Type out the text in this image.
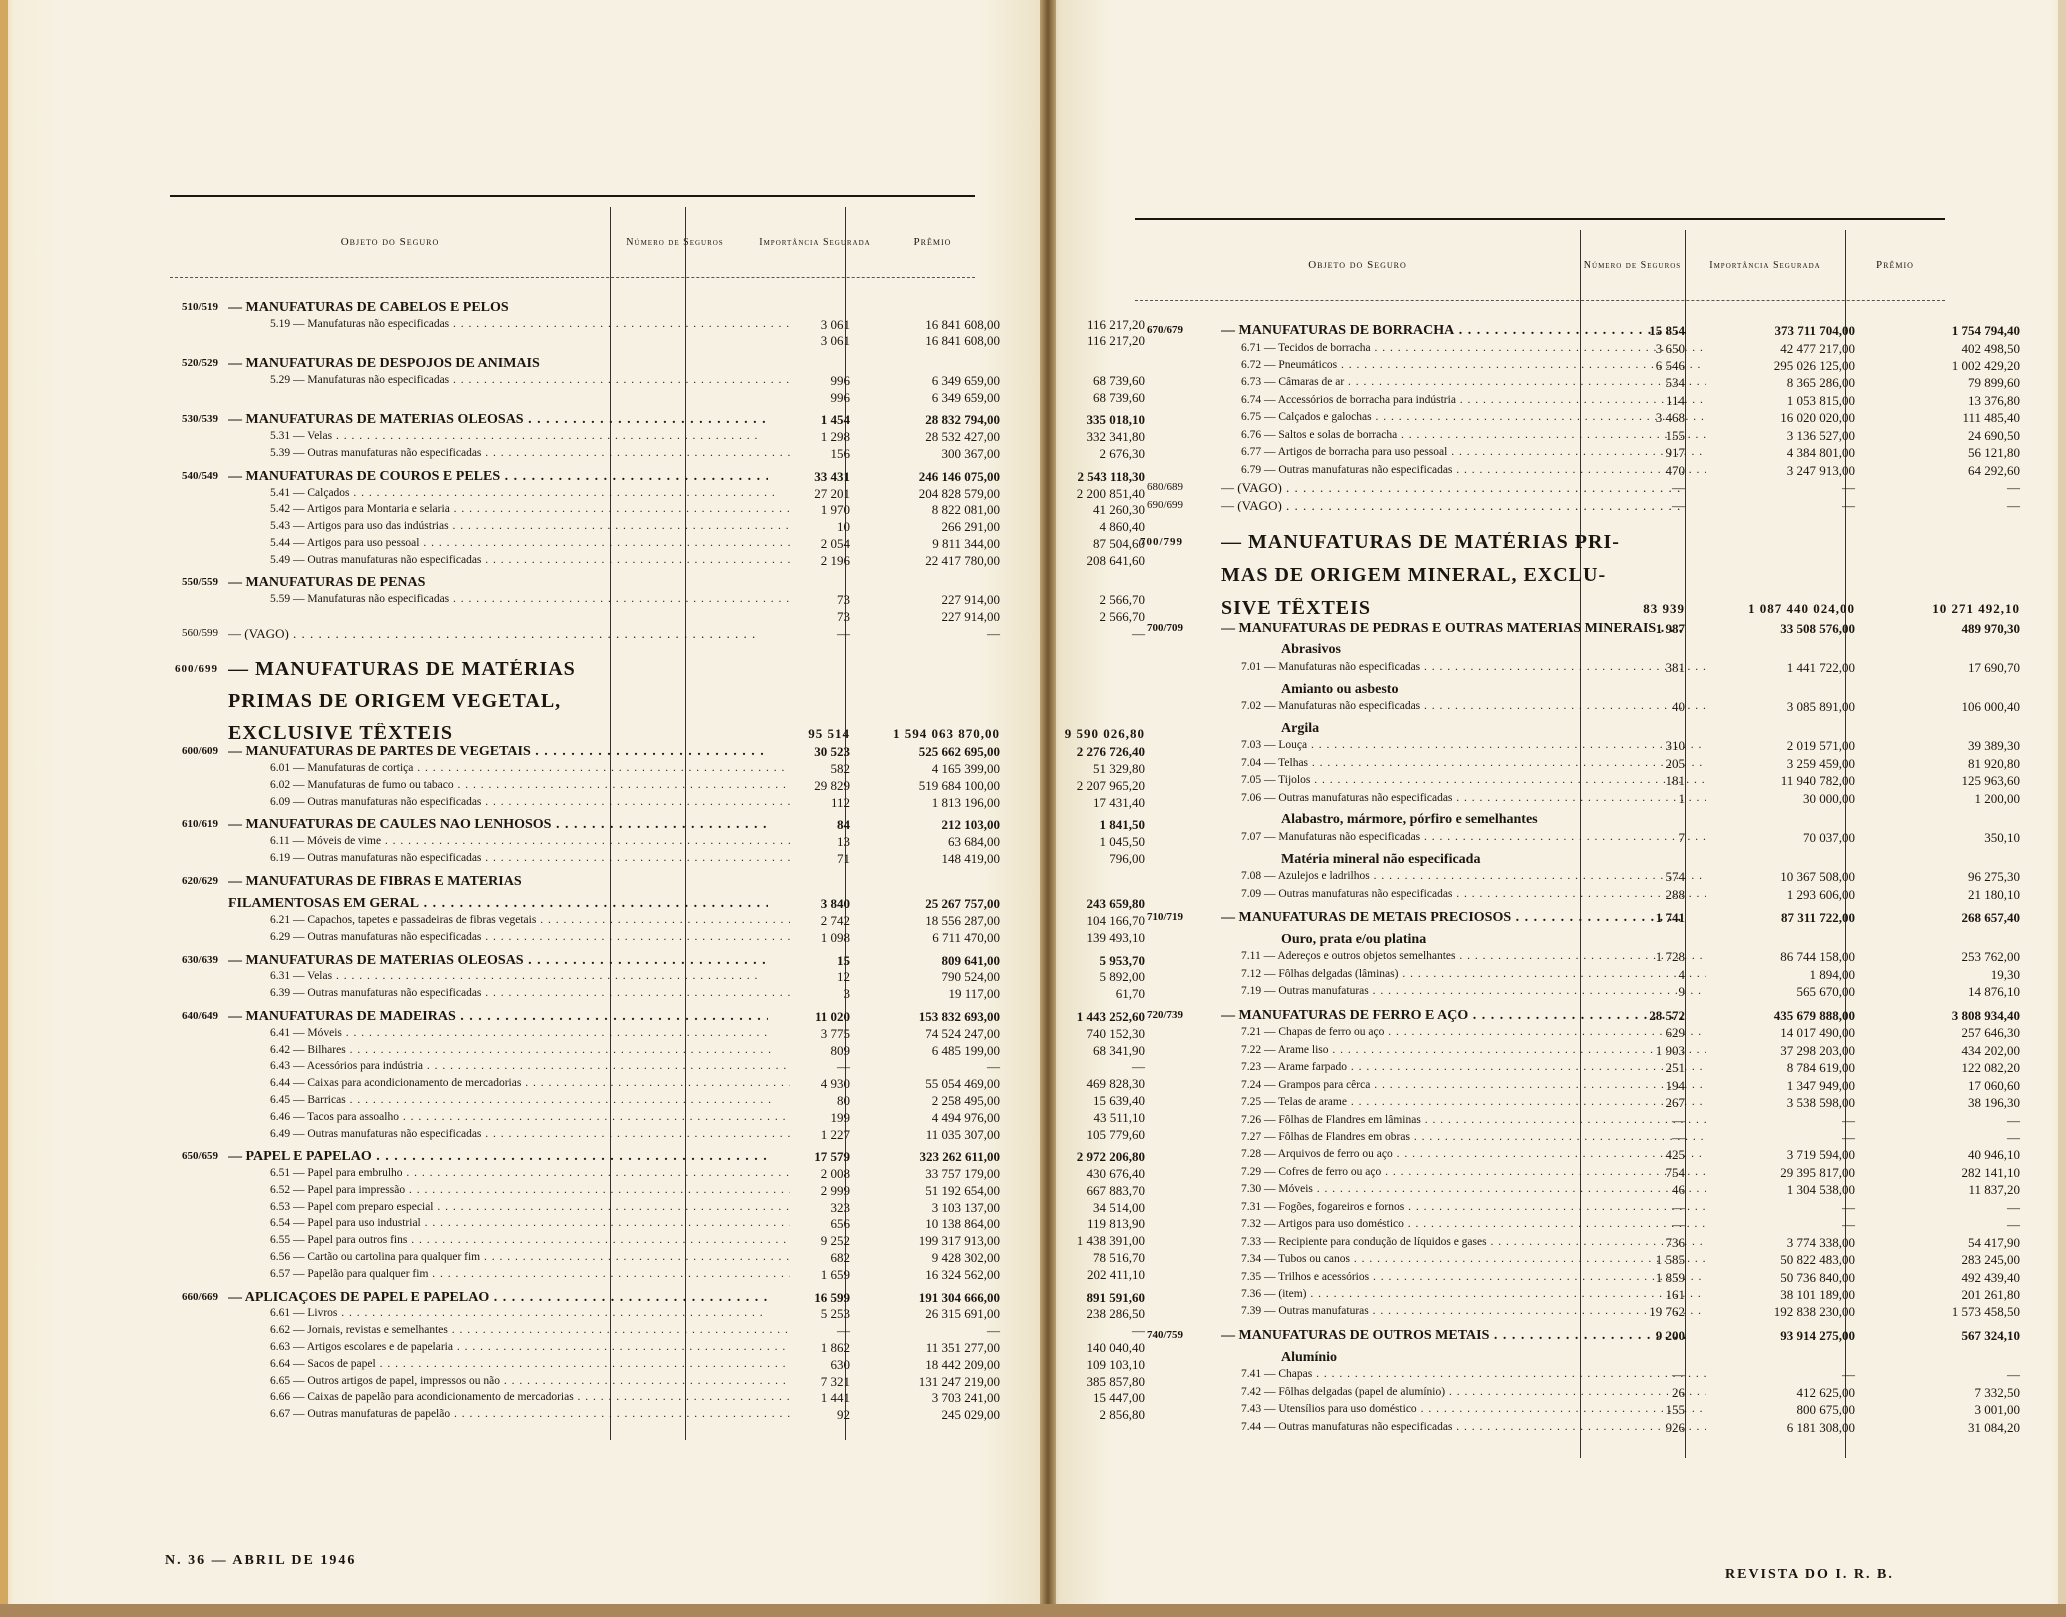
Objeto do Seguro	Número de Seguros	Importância Segurada	Prêmio
510/519 — MANUFATURAS DE CABELOS E PELOS
5.19 — Manufaturas não especificadas . . .	3 061	16 841 608,00	116 217,20
3 061	16 841 608,00	116 217,20
520/529 — MANUFATURAS DE DESPOJOS DE ANIMAIS
5.29 — Manufaturas não especificadas . . .	996	6 349 659,00	68 739,60
996	6 349 659,00	68 739,60
530/539 — MANUFATURAS DE MATÉRIAS OLEOSAS . . .	1 454	28 832 794,00	335 018,10
5.31 — Velas . . .	1 298	28 532 427,00	332 341,80
5.39 — Outras manufaturas não especificadas . . .	156	300 367,00	2 676,30
540/549 — MANUFATURAS DE COUROS E PELES . . .	33 431	246 146 075,00	2 543 118,30
5.41 — Calçados . . .	27 201	204 828 579,00	2 200 851,40
5.42 — Artigos para Montaria e selaria . . .	1 970	8 822 081,00	41 260,30
5.43 — Artigos para uso das indústrias . . .	10	266 291,00	4 860,40
5.44 — Artigos para uso pessoal . . .	2 054	9 811 344,00	87 504,60
5.49 — Outras manufaturas não especificadas . . .	2 196	22 417 780,00	208 641,60
550/559 — MANUFATURAS DE PENAS
5.59 — Manufaturas não especificadas . . .	73	227 914,00	2 566,70
73	227 914,00	2 566,70
560/599 — (VAGO) . . .	—	—	—
600/699 — MANUFATURAS DE MATÉRIAS
PRIMAS DE ORIGEM VEGETAL,
EXCLUSIVE TÊXTEIS	95 514	1 594 063 870,00	9 590 026,80
600/609 — MANUFATURAS DE PARTES DE VEGETAIS . . .	30 523	525 662 695,00	2 276 726,40
6.01 — Manufaturas de cortiça . . .	582	4 165 399,00	51 329,80
6.02 — Manufaturas de fumo ou tabaco . . .	29 829	519 684 100,00	2 207 965,20
6.09 — Outras manufaturas não especificadas . . .	112	1 813 196,00	17 431,40
610/619 — MANUFATURAS DE CAULES NÃO LENHOSOS . . .	84	212 103,00	1 841,50
6.11 — Móveis de vime . . .	13	63 684,00	1 045,50
6.19 — Outras manufaturas não especificadas . . .	71	148 419,00	796,00
620/629 — MANUFATURAS DE FIBRAS E MATÉRIAS
FILAMENTOSAS EM GERAL . . .	3 840	25 267 757,00	243 659,80
6.21 — Capachos, tapetes e passadeiras de fibras vegetais . . .	2 742	18 556 287,00	104 166,70
6.29 — Outras manufaturas não especificadas . . .	1 098	6 711 470,00	139 493,10
630/639 — MANUFATURAS DE MATÉRIAS OLEOSAS . . .	15	809 641,00	5 953,70
6.31 — Velas . . .	12	790 524,00	5 892,00
6.39 — Outras manufaturas não especificadas . . .	3	19 117,00	61,70
640/649 — MANUFATURAS DE MADEIRAS . . .	11 020	153 832 693,00	1 443 252,60
6.41 — Móveis . . .	3 775	74 524 247,00	740 152,30
6.42 — Bilhares . . .	809	6 485 199,00	68 341,90
6.43 — Acessórios para indústria . . .	—	—	—
6.44 — Caixas para acondicionamento de mercadorias . . .	4 930	55 054 469,00	469 828,30
6.45 — Barricas . . .	80	2 258 495,00	15 639,40
6.46 — Tacos para assoalho . . .	199	4 494 976,00	43 511,10
6.49 — Outras manufaturas não especificadas . . .	1 227	11 035 307,00	105 779,60
650/659 — PAPEL E PAPELÃO . . .	17 579	323 262 611,00	2 972 206,80
6.51 — Papel para embrulho . . .	2 008	33 757 179,00	430 676,40
6.52 — Papel para impressão . . .	2 999	51 192 654,00	667 883,70
6.53 — Papel com preparo especial . . .	323	3 103 137,00	34 514,00
6.54 — Papel para uso industrial . . .	656	10 138 864,00	119 813,90
6.55 — Papel para outros fins . . .	9 252	199 317 913,00	1 438 391,00
6.56 — Cartão ou cartolina para qualquer fim . . .	682	9 428 302,00	78 516,70
6.57 — Papelão para qualquer fim . . .	1 659	16 324 562,00	202 411,10
660/669 — APLICAÇÕES DE PAPEL E PAPELÃO . . .	16 599	191 304 666,00	891 591,60
6.61 — Livros . . .	5 253	26 315 691,00	238 286,50
6.62 — Jornais, revistas e semelhantes . . .	—	—	—
6.63 — Artigos escolares e de papelaria . . .	1 862	11 351 277,00	140 040,40
6.64 — Sacos de papel . . .	630	18 442 209,00	109 103,10
6.65 — Outros artigos de papel, impressos ou não . . .	7 321	131 247 219,00	385 857,80
6.66 — Caixas de papelão para acondicionamento de mercadorias . . .	1 441	3 703 241,00	15 447,00
6.67 — Outras manufaturas de papelão . . .	92	245 029,00	2 856,80
Objeto do Seguro	Número de Seguros	Importância Segurada	Prêmio
670/679	— MANUFATURAS DE BORRACHA . . .	15 854	373 711 704,00	1 754 794,40
6.71 — Tecidos de borracha . . .	3 650	42 477 217,00	402 498,50
6.72 — Pneumáticos . . .	6 546	295 026 125,00	1 002 429,20
6.73 — Câmaras de ar . . .	534	8 365 286,00	79 899,60
6.74 — Accessórios de borracha para indústria . . .	114	1 053 815,00	13 376,80
6.75 — Calçados e galochas . . .	3 468	16 020 020,00	111 485,40
6.76 — Saltos e solas de borracha . . .	155	3 136 527,00	24 690,50
6.77 — Artigos de borracha para uso pessoal . . .	917	4 384 801,00	56 121,80
6.79 — Outras manufaturas não especificadas . . .	470	3 247 913,00	64 292,60
680/689	— (VAGO) . . .	—	—	—
690/699	— (VAGO) . . .	—	—	—
700/799 — MANUFATURAS DE MATÉRIAS PRI-
MAS DE ORIGEM MINERAL, EXCLU-
SIVE TÊXTEIS	83 939	1 087 440 024,00	10 271 492,10
700/709	— MANUFATURAS DE PEDRAS E OUTRAS MATÉRIAS MINERAIS . . . 1 987	33 508 576,00	489 970,30
Abrasivos
7.01 — Manufaturas não especificadas . . .	381	1 441 722,00	17 690,70
Amianto ou asbesto
7.02 — Manufaturas não especificadas . . .	40	3 085 891,00	106 000,40
Argila
7.03 — Louça . . .	310	2 019 571,00	39 389,30
7.04 — Telhas . . .	205	3 259 459,00	81 920,80
7.05 — Tijolos . . .	181	11 940 782,00	125 963,60
7.06 — Outras manufaturas não especificadas . . .	1	30 000,00	1 200,00
Alabastro, mármore, pórfiro e semelhantes
7.07 — Manufaturas não especificadas . . .	7	70 037,00	350,10
Matéria mineral não especificada
7.08 — Azulejos e ladrilhos . . .	574	10 367 508,00	96 275,30
7.09 — Outras manufaturas não especificadas . . .	288	1 293 606,00	21 180,10
710/719	— MANUFATURAS DE METAIS PRECIOSOS . . .	1 741	87 311 722,00	268 657,40
Ouro, prata e/ou platina
7.11 — Adereços e outros objetos semelhantes . . .	1 728	86 744 158,00	253 762,00
7.12 — Fôlhas delgadas (lâminas) . . .	4	1 894,00	19,30
7.19 — Outras manufaturas . . .	9	565 670,00	14 876,10
720/739	— MANUFATURAS DE FERRO E AÇO . . .	28 572	435 679 888,00	3 808 934,40
7.21 — Chapas de ferro ou aço . . .	629	14 017 490,00	257 646,30
7.22 — Arame liso . . .	1 903	37 298 203,00	434 202,00
7.23 — Arame farpado . . .	251	8 784 619,00	122 082,20
7.24 — Grampos para cêrca . . .	194	1 347 949,00	17 060,60
7.25 — Telas de arame . . .	267	3 538 598,00	38 196,30
7.26 — Fôlhas de Flandres em lâminas . . .	—	—	—
7.27 — Fôlhas de Flandres em obras . . .	—	—	—
7.28 — Arquivos de ferro ou aço . . .	425	3 719 594,00	40 946,10
7.29 — Cofres de ferro ou aço . . .	754	29 395 817,00	282 141,10
7.30 — Móveis . . .	46	1 304 538,00	11 837,20
7.31 — Fogões, fogareiros e fornos . . .	—	—	—
7.32 — Artigos para uso doméstico . . .	—	—	—
7.33 — Recipiente para condução de líquidos e gases . . .	736	3 774 338,00	54 417,90
7.34 — Tubos ou canos . . .	1 585	50 822 483,00	283 245,00
7.35 — Trilhos e acessórios . . .	1 859	50 736 840,00	492 439,40
7.36 — (item) . . .	161	38 101 189,00	201 261,80
7.39 — Outras manufaturas . . .	19 762	192 838 230,00	1 573 458,50
740/759	— MANUFATURAS DE OUTROS METAIS . . .	9 200	93 914 275,00	567 324,10
Alumínio
7.41 — Chapas . . .	—	—	—
7.42 — Fôlhas delgadas (papel de alumínio) . . .	26	412 625,00	7 332,50
7.43 — Utensílios para uso doméstico . . .	155	800 675,00	3 001,00
7.44 — Outras manufaturas não especificadas . . .	926	6 181 308,00	31 084,20
N. 36 — ABRIL DE 1946
REVISTA DO I. R. B.
